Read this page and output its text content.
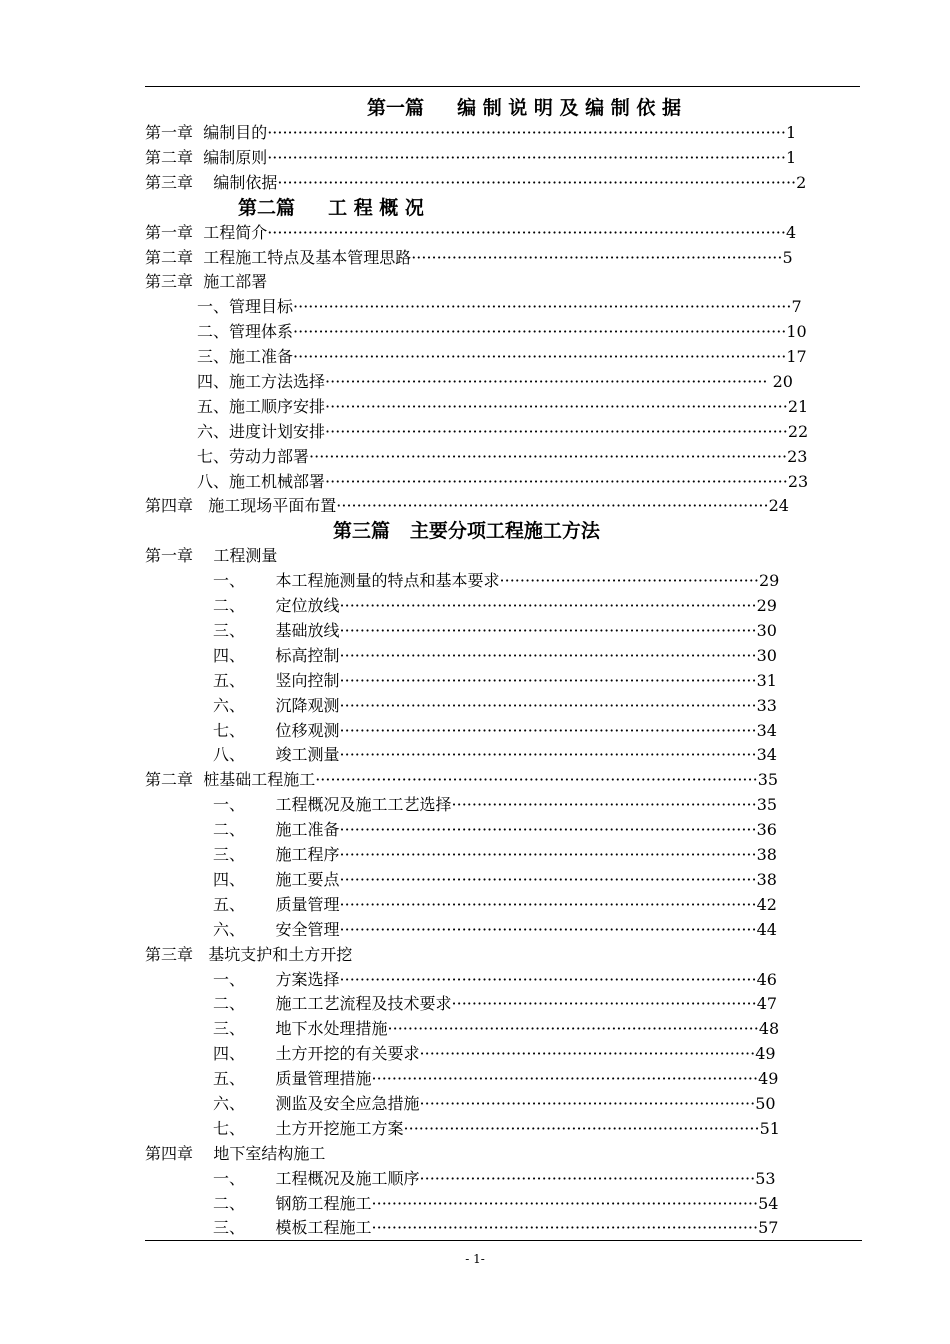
第一篇     编 制 说 明 及 编 制 依 据
第一章  编制目的······································································································1
第二章  编制原则······································································································1
第三章    编制依据······································································································2
第二篇     工 程 概 况
第一章  工程简介······································································································4
第二章  工程施工特点及基本管理思路·········································································5
第三章  施工部署
一、管理目标··································································································7
二、管理体系·································································································10
三、施工准备·································································································17
四、施工方法选择······················································································· 20
五、施工顺序安排···························································································21
六、进度计划安排···························································································22
七、劳动力部署······························································································23
八、施工机械部署···························································································23
第四章   施工现场平面布置·····················································································24
第三篇   主要分项工程施工方法
第一章    工程测量
一、      本工程施测量的特点和基本要求···················································29
二、      定位放线··················································································29
三、      基础放线··················································································30
四、      标高控制··················································································30
五、      竖向控制··················································································31
六、      沉降观测··················································································33
七、      位移观测··················································································34
八、      竣工测量··················································································34
第二章  桩基础工程施工·······················································································35
一、      工程概况及施工工艺选择····························································35
二、      施工准备··················································································36
三、      施工程序··················································································38
四、      施工要点··················································································38
五、      质量管理··················································································42
六、      安全管理··················································································44
第三章   基坑支护和土方开挖
一、      方案选择··················································································46
二、      施工工艺流程及技术要求····························································47
三、      地下水处理措施·········································································48
四、      土方开挖的有关要求··································································49
五、      质量管理措施············································································49
六、      测监及安全应急措施··································································50
七、      土方开挖施工方案······································································51
第四章    地下室结构施工
一、      工程概况及施工顺序··································································53
二、      钢筋工程施工············································································54
三、      模板工程施工············································································57
- 1-
